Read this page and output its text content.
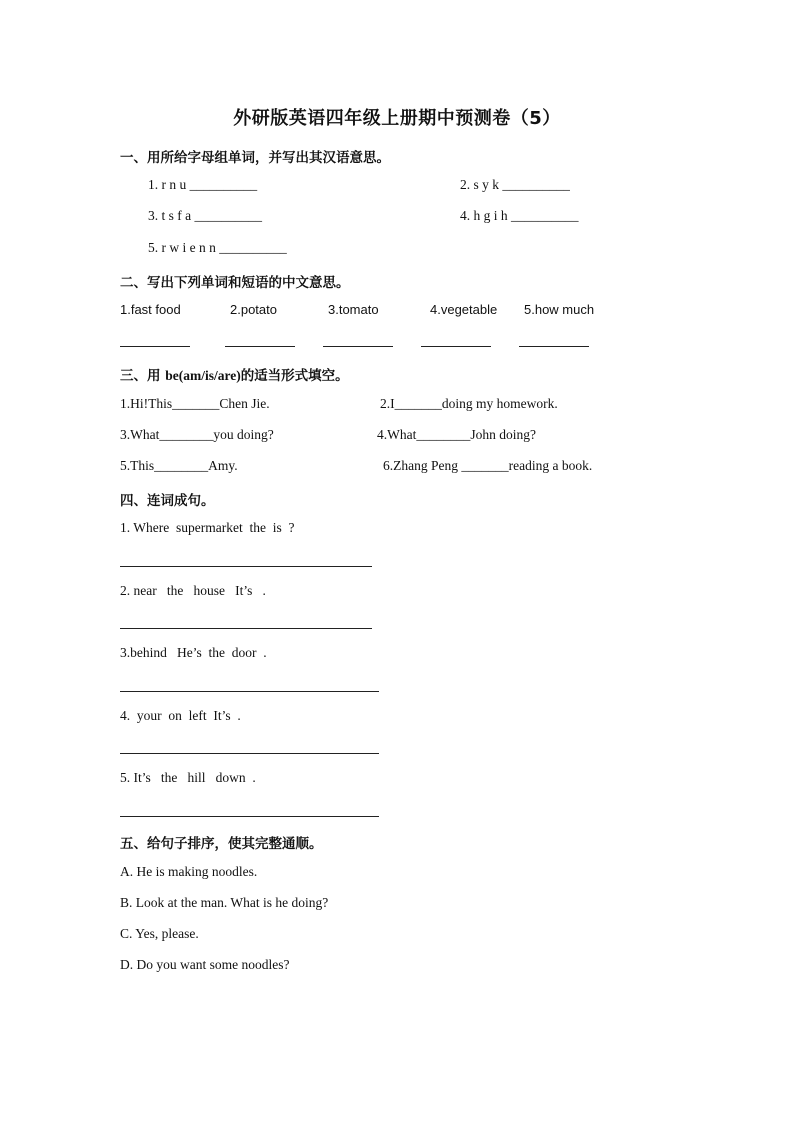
外研版英语四年级上册期中预测卷（5）
一、用所给字母组单词，并写出其汉语意思。
1. r n u __________	2. s y k __________
3. t s f a __________	4. h g i h __________
5. r w i e n n __________
二、写出下列单词和短语的中文意思。
1.fast food	2.potato	3.tomato	4.vegetable 5.how much
三、用 be(am/is/are)的适当形式填空。
1.Hi!This_______Chen Jie.	2.I_______doing my homework.
3.What________you doing?	4.What________John doing?
5.This________Amy.	6.Zhang Peng _______reading a book.
四、连词成句。
1. Where  supermarket  the  is  ?
2. near   the   house   It’s   .
3.behind   He’s  the  door  .
4.  your  on  left  It’s  .
5. It’s   the   hill   down  .
五、给句子排序，使其完整通顺。
A. He is making noodles.
B. Look at the man. What is he doing?
C. Yes, please.
D. Do you want some noodles?
